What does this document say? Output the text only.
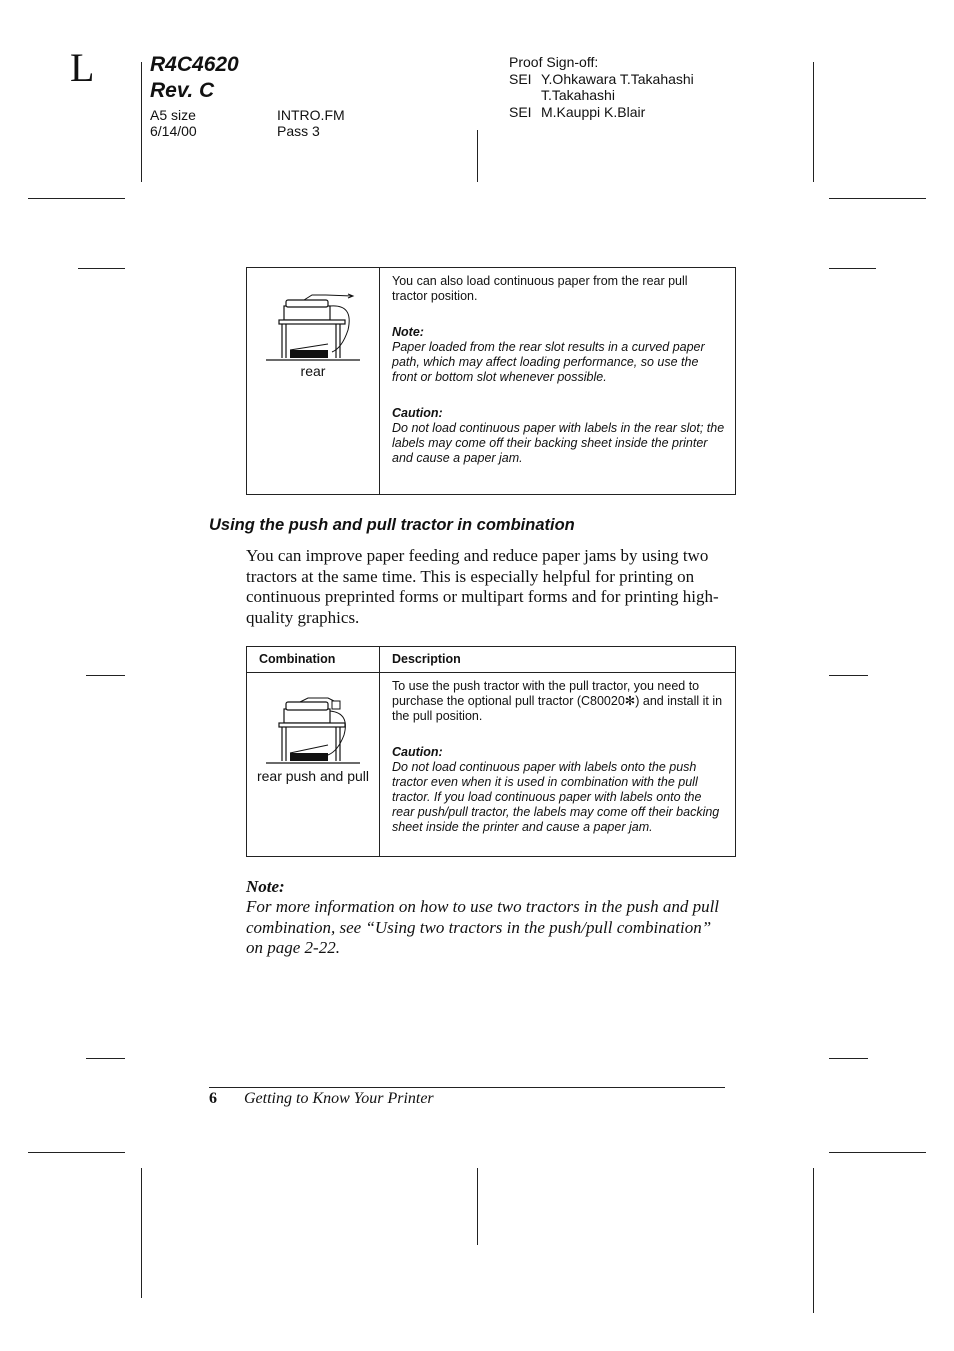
L	R4C4620
Rev. C
A5 size
6/14/00
INTRO.FM
Pass 3
Proof Sign-off:
SEI Y.Ohkawara T.Takahashi
T.Takahashi
SEI M.Kauppi K.Blair
rear

You can also load continuous paper from the rear pull tractor position.

Note:

Paper loaded from the rear slot results in a curved paper path, which may affect loading performance, so use the front or bottom slot whenever possible.

Caution:

Do not load continuous paper with labels in the rear slot; the labels may come off their backing sheet inside the printer and cause a paper jam.

Using the push and pull tractor in combination
You can improve paper feeding and reduce paper jams by using two tractors at the same time. This is especially helpful for printing on continuous preprinted forms or multipart forms and for printing high-quality graphics.
Combination	Description

rear push and pull	To use the push tractor with the pull tractor, you need to purchase the optional pull tractor (C80020✻) and install it in the pull position.

Caution:

Do not load continuous paper with labels onto the push tractor even when it is used in combination with the pull tractor. If you load continuous paper with labels onto the rear push/pull tractor, the labels may come off their backing sheet inside the printer and cause a paper jam.

Note:
For more information on how to use two tractors in the push and pull combination, see “Using two tractors in the push/pull combination” on page 2-22.
6 Getting to Know Your Printer
